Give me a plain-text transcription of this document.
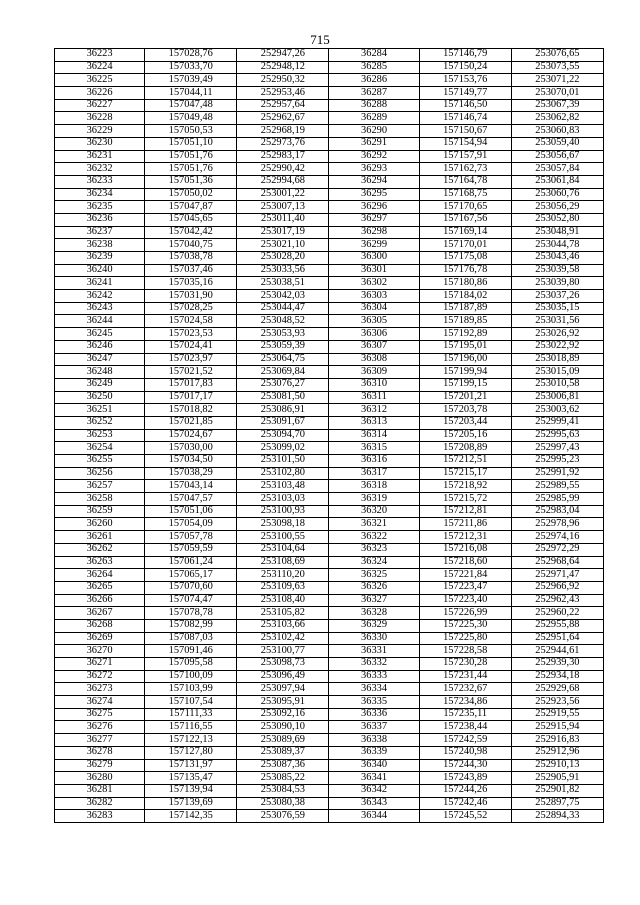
715
36223	157028,76	252947,26	36284	157146,79	253076,65
36224	157033,70	252948,12	36285	157150,24	253073,55
36225	157039,49	252950,32	36286	157153,76	253071,22
36226	157044,11	252953,46	36287	157149,77	253070,01
36227	157047,48	252957,64	36288	157146,50	253067,39
36228	157049,48	252962,67	36289	157146,74	253062,82
36229	157050,53	252968,19	36290	157150,67	253060,83
36230	157051,10	252973,76	36291	157154,94	253059,40
36231	157051,76	252983,17	36292	157157,91	253056,67
36232	157051,76	252990,42	36293	157162,73	253057,84
36233	157051,36	252994,68	36294	157164,78	253061,84
36234	157050,02	253001,22	36295	157168,75	253060,76
36235	157047,87	253007,13	36296	157170,65	253056,29
36236	157045,65	253011,40	36297	157167,56	253052,80
36237	157042,42	253017,19	36298	157169,14	253048,91
36238	157040,75	253021,10	36299	157170,01	253044,78
36239	157038,78	253028,20	36300	157175,08	253043,46
36240	157037,46	253033,56	36301	157176,78	253039,58
36241	157035,16	253038,51	36302	157180,86	253039,80
36242	157031,90	253042,03	36303	157184,02	253037,26
36243	157028,25	253044,47	36304	157187,89	253035,15
36244	157024,58	253048,52	36305	157189,85	253031,56
36245	157023,53	253053,93	36306	157192,89	253026,92
36246	157024,41	253059,39	36307	157195,01	253022,92
36247	157023,97	253064,75	36308	157196,00	253018,89
36248	157021,52	253069,84	36309	157199,94	253015,09
36249	157017,83	253076,27	36310	157199,15	253010,58
36250	157017,17	253081,50	36311	157201,21	253006,81
36251	157018,82	253086,91	36312	157203,78	253003,62
36252	157021,85	253091,67	36313	157203,44	252999,41
36253	157024,67	253094,70	36314	157205,16	252995,63
36254	157030,00	253099,02	36315	157208,89	252997,43
36255	157034,50	253101,50	36316	157212,51	252995,23
36256	157038,29	253102,80	36317	157215,17	252991,92
36257	157043,14	253103,48	36318	157218,92	252989,55
36258	157047,57	253103,03	36319	157215,72	252985,99
36259	157051,06	253100,93	36320	157212,81	252983,04
36260	157054,09	253098,18	36321	157211,86	252978,96
36261	157057,78	253100,55	36322	157212,31	252974,16
36262	157059,59	253104,64	36323	157216,08	252972,29
36263	157061,24	253108,69	36324	157218,60	252968,64
36264	157065,17	253110,20	36325	157221,84	252971,47
36265	157070,60	253109,63	36326	157223,47	252966,92
36266	157074,47	253108,40	36327	157223,40	252962,43
36267	157078,78	253105,82	36328	157226,99	252960,22
36268	157082,99	253103,66	36329	157225,30	252955,88
36269	157087,03	253102,42	36330	157225,80	252951,64
36270	157091,46	253100,77	36331	157228,58	252944,61
36271	157095,58	253098,73	36332	157230,28	252939,30
36272	157100,09	253096,49	36333	157231,44	252934,18
36273	157103,99	253097,94	36334	157232,67	252929,68
36274	157107,54	253095,91	36335	157234,86	252923,56
36275	157111,33	253092,16	36336	157235,11	252919,55
36276	157116,55	253090,10	36337	157238,44	252915,94
36277	157122,13	253089,69	36338	157242,59	252916,83
36278	157127,80	253089,37	36339	157240,98	252912,96
36279	157131,97	253087,36	36340	157244,30	252910,13
36280	157135,47	253085,22	36341	157243,89	252905,91
36281	157139,94	253084,53	36342	157244,26	252901,82
36282	157139,69	253080,38	36343	157242,46	252897,75
36283	157142,35	253076,59	36344	157245,52	252894,33
